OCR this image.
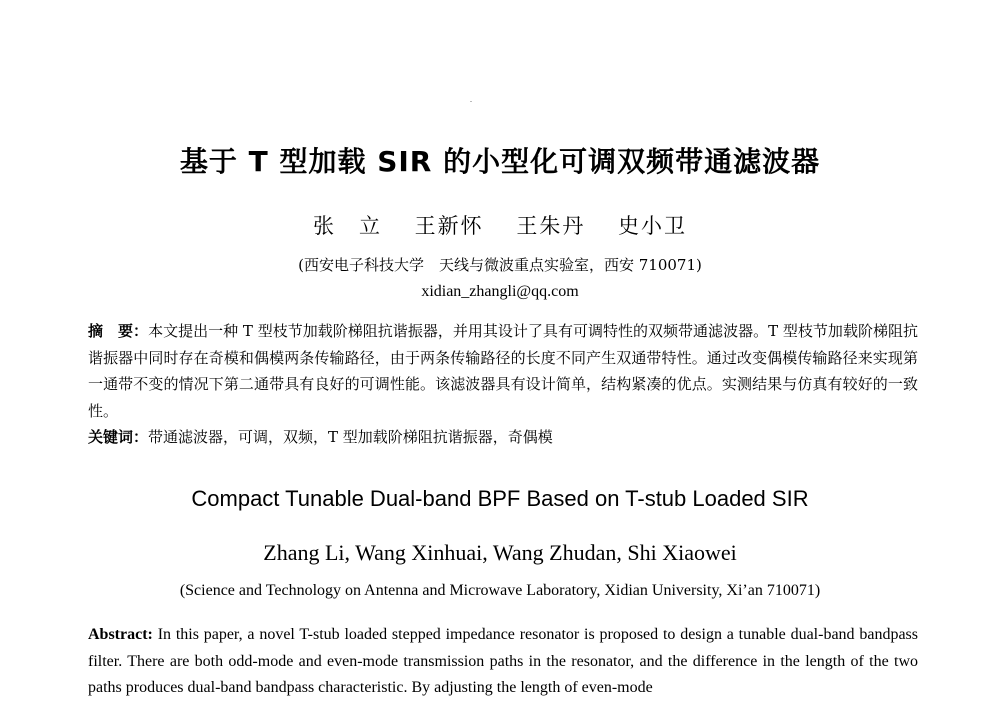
基于 T 型加载 SIR 的小型化可调双频带通滤波器
张　立 王新怀 王朱丹 史小卫
(西安电子科技大学　天线与微波重点实验室，西安 710071)
xidian_zhangli@qq.com
摘　要：本文提出一种 T 型枝节加载阶梯阻抗谐振器，并用其设计了具有可调特性的双频带通滤波器。T 型枝节加载阶梯阻抗谐振器中同时存在奇模和偶模两条传输路径，由于两条传输路径的长度不同产生双通带特性。通过改变偶模传输路径来实现第一通带不变的情况下第二通带具有良好的可调性能。该滤波器具有设计简单，结构紧凑的优点。实测结果与仿真有较好的一致性。
关键词：带通滤波器，可调，双频，T 型加载阶梯阻抗谐振器，奇偶模
Compact Tunable Dual-band BPF Based on T-stub Loaded SIR
Zhang Li, Wang Xinhuai, Wang Zhudan, Shi Xiaowei
(Science and Technology on Antenna and Microwave Laboratory, Xidian University, Xi’an 710071)
Abstract: In this paper, a novel T-stub loaded stepped impedance resonator is proposed to design a tunable dual-band bandpass filter. There are both odd-mode and even-mode transmission paths in the resonator, and the difference in the length of the two paths produces dual-band bandpass characteristic. By adjusting the length of even-mode
